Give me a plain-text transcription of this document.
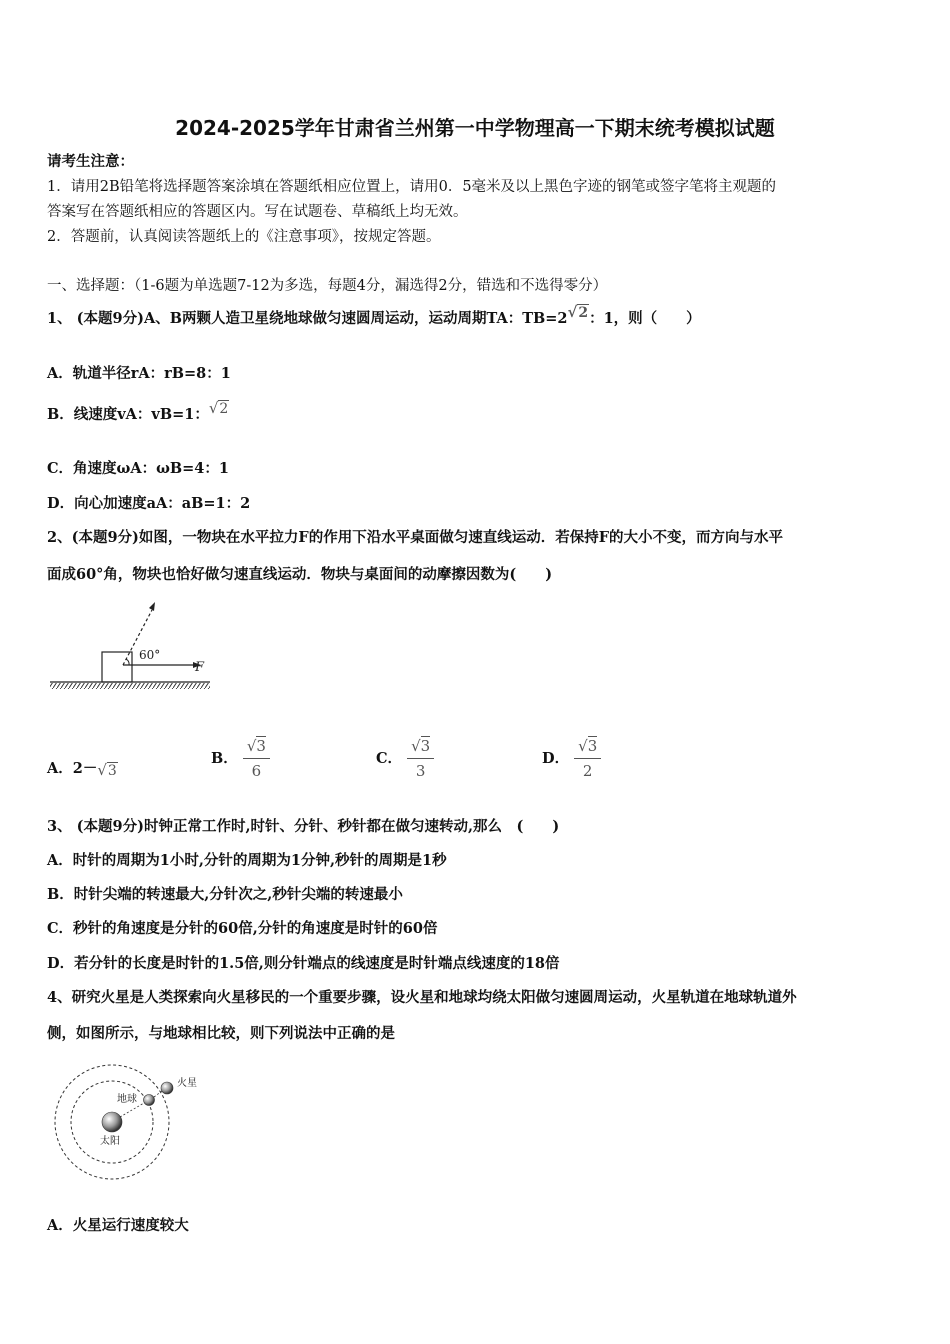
2024-2025学年甘肃省兰州第一中学物理高一下期末统考模拟试题
请考生注意：
1．请用2B铅笔将选择题答案涂填在答题纸相应位置上，请用0．5毫米及以上黑色字迹的钢笔或签字笔将主观题的
答案写在答题纸相应的答题区内。写在试题卷、草稿纸上均无效。
2．答题前，认真阅读答题纸上的《注意事项》，按规定答题。
一、选择题：（1-6题为单选题7-12为多选，每题4分，漏选得2分，错选和不选得零分）
1、 (本题9分)A、B两颗人造卫星绕地球做匀速圆周运动，运动周期TA：TB=2√2：1，则（　　）
A．轨道半径rA：rB=8：1
B．线速度vA：vB=1：√2
C．角速度ωA：ωB=4：1
D．向心加速度aA：aB=1：2
2、(本题9分)如图，一物块在水平拉力F的作用下沿水平桌面做匀速直线运动．若保持F的大小不变，而方向与水平
面成60°角，物块也恰好做匀速直线运动．物块与桌面间的动摩擦因数为(　　)
60°
F
A．2－√3
B． $\frac{√3}{6}$	C． $\frac{√3}{3}$	D． $\frac{√3}{2}$
3、 (本题9分)时钟正常工作时,时针、分针、秒针都在做匀速转动,那么　(　　)
A．时针的周期为1小时,分针的周期为1分钟,秒针的周期是1秒
B．时针尖端的转速最大,分针次之,秒针尖端的转速最小
C．秒针的角速度是分针的60倍,分针的角速度是时针的60倍
D．若分针的长度是时针的1.5倍,则分针端点的线速度是时针端点线速度的18倍
4、研究火星是人类探索向火星移民的一个重要步骤，设火星和地球均绕太阳做匀速圆周运动，火星轨道在地球轨道外
侧，如图所示，与地球相比较，则下列说法中正确的是
火星
地球
太阳
A．火星运行速度较大
